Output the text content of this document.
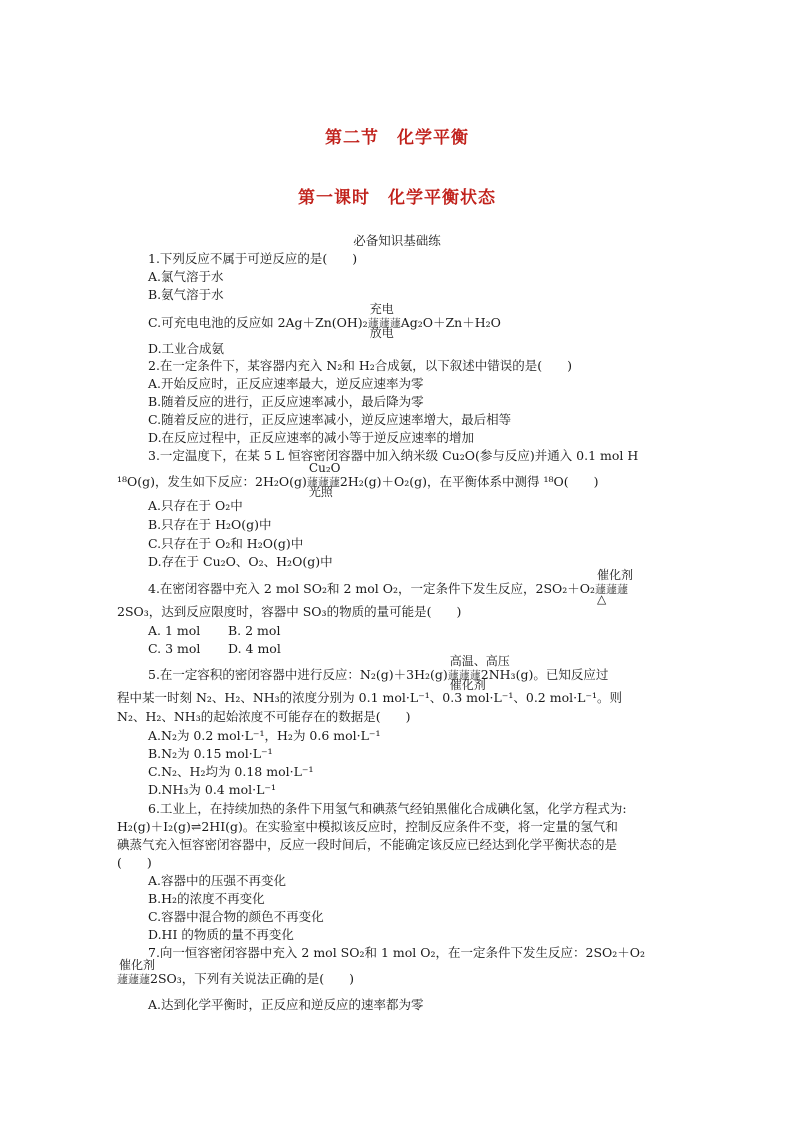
第二节　化学平衡
第一课时　化学平衡状态
必备知识基础练
1.下列反应不属于可逆反应的是(　　)
A.氯气溶于水
B.氨气溶于水
C.可充电电池的反应如 2Ag＋Zn(OH)₂蘧蘧蘧
充电
放电
Ag₂O＋Zn＋H₂O
D.工业合成氨
2.在一定条件下，某容器内充入 N₂和 H₂合成氨，以下叙述中错误的是(　　)
A.开始反应时，正反应速率最大，逆反应速率为零
B.随着反应的进行，正反应速率减小，最后降为零
C.随着反应的进行，正反应速率减小，逆反应速率增大，最后相等
D.在反应过程中，正反应速率的减小等于逆反应速率的增加
3.一定温度下，在某 5 L 恒容密闭容器中加入纳米级 Cu₂O(参与反应)并通入 0.1 mol H
¹⁸O(g)，发生如下反应：2H₂O(g)蘧蘧蘧
Cu₂O
光照
2H₂(g)＋O₂(g)，在平衡体系中测得 ¹⁸O(　　)
A.只存在于 O₂中
B.只存在于 H₂O(g)中
C.只存在于 O₂和 H₂O(g)中
D.存在于 Cu₂O、O₂、H₂O(g)中
4.在密闭容器中充入 2 mol SO₂和 2 mol O₂，一定条件下发生反应，2SO₂＋O₂蘧蘧蘧
催化剂
△
2SO₃，达到反应限度时，容器中 SO₃的物质的量可能是(　　)
A. 1 mol B. 2 mol
C. 3 mol D. 4 mol
5.在一定容积的密闭容器中进行反应：N₂(g)＋3H₂(g)蘧蘧蘧
高温、高压
催化剂
2NH₃(g)。已知反应过
程中某一时刻 N₂、H₂、NH₃的浓度分别为 0.1 mol·L⁻¹、0.3 mol·L⁻¹、0.2 mol·L⁻¹。则
N₂、H₂、NH₃的起始浓度不可能存在的数据是(　　)
A.N₂为 0.2 mol·L⁻¹，H₂为 0.6 mol·L⁻¹
B.N₂为 0.15 mol·L⁻¹
C.N₂、H₂均为 0.18 mol·L⁻¹
D.NH₃为 0.4 mol·L⁻¹
6.工业上，在持续加热的条件下用氢气和碘蒸气经铂黑催化合成碘化氢，化学方程式为:
H₂(g)＋I₂(g)⇌2HI(g)。在实验室中模拟该反应时，控制反应条件不变，将一定量的氢气和
碘蒸气充入恒容密闭容器中，反应一段时间后，不能确定该反应已经达到化学平衡状态的是
(　　)
A.容器中的压强不再变化
B.H₂的浓度不再变化
C.容器中混合物的颜色不再变化
D.HI 的物质的量不再变化
7.向一恒容密闭容器中充入 2 mol SO₂和 1 mol O₂，在一定条件下发生反应：2SO₂＋O₂
蘧蘧蘧
催化剂
2SO₃，下列有关说法正确的是(　　)
A.达到化学平衡时，正反应和逆反应的速率都为零
